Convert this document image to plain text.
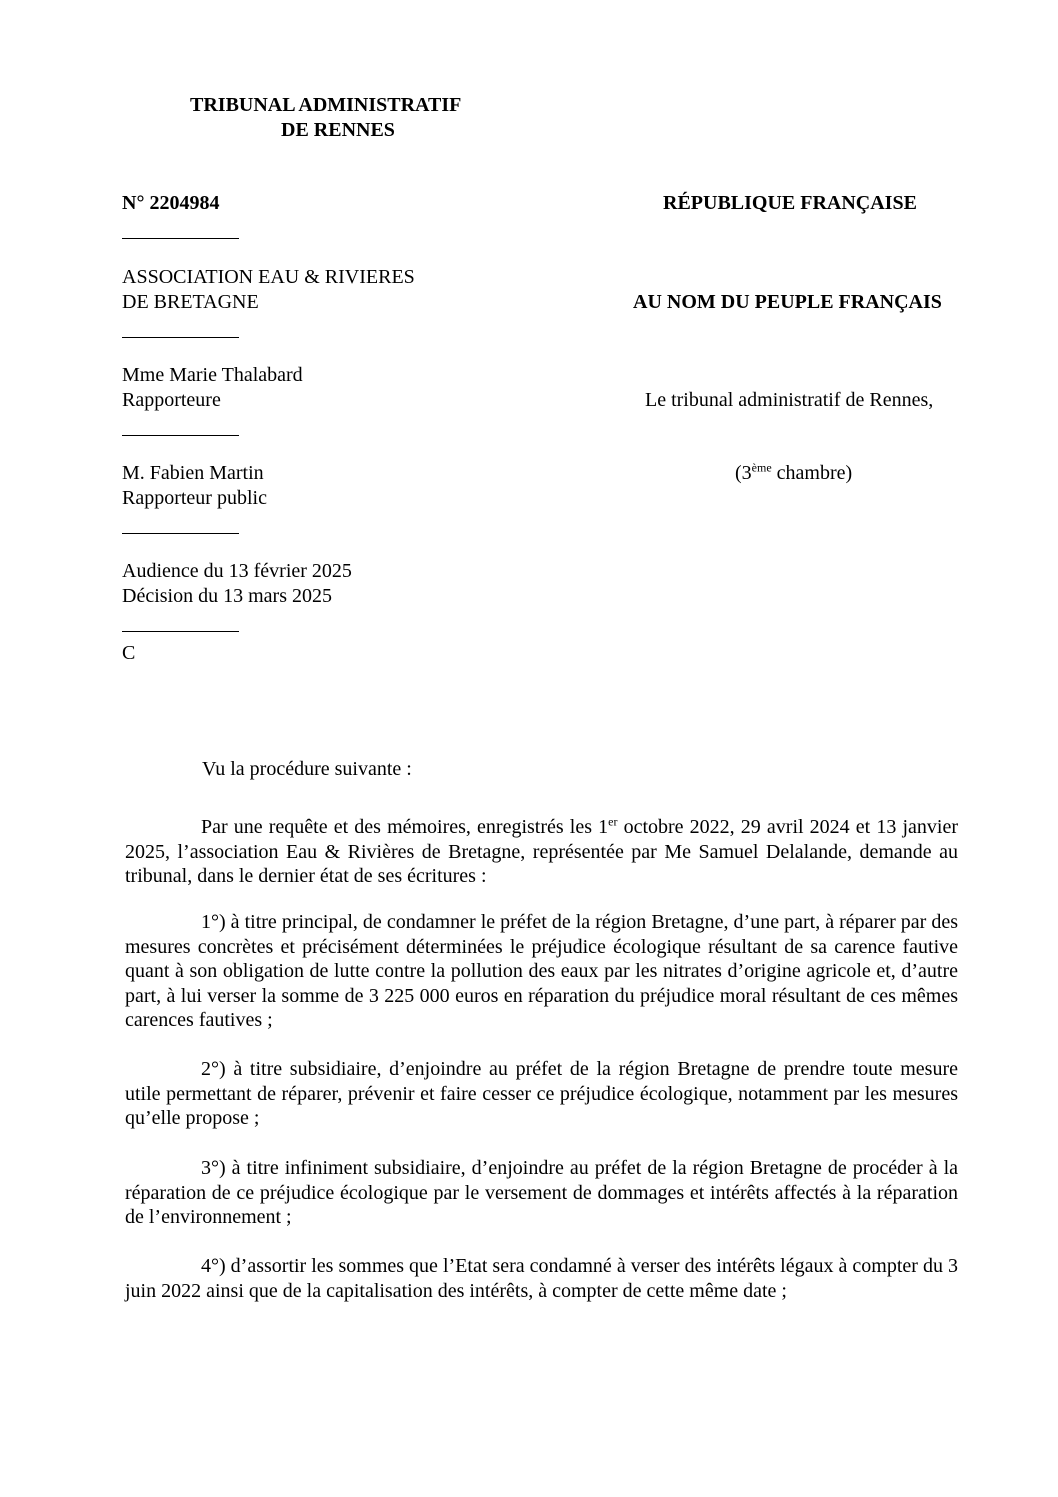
TRIBUNAL ADMINISTRATIF
DE RENNES
N° 2204984	RÉPUBLIQUE FRANÇAISE
ASSOCIATION EAU & RIVIERES
DE BRETAGNE	AU NOM DU PEUPLE FRANÇAIS
Mme Marie Thalabard
Rapporteure	Le tribunal administratif de Rennes,
M. Fabien Martin
Rapporteur public
(3ème chambre)
Audience du 13 février 2025
Décision du 13 mars 2025
C
Vu la procédure suivante :

Par une requête et des mémoires, enregistrés les 1er octobre 2022, 29 avril 2024 et 13 janvier 2025, l’association Eau & Rivières de Bretagne, représentée par Me Samuel Delalande, demande au tribunal, dans le dernier état de ses écritures :

1°) à titre principal, de condamner le préfet de la région Bretagne, d’une part, à réparer par des mesures concrètes et précisément déterminées le préjudice écologique résultant de sa carence fautive quant à son obligation de lutte contre la pollution des eaux par les nitrates d’origine agricole et, d’autre part, à lui verser la somme de 3 225 000 euros en réparation du préjudice moral résultant de ces mêmes carences fautives ;

2°) à titre subsidiaire, d’enjoindre au préfet de la région Bretagne de prendre toute mesure utile permettant de réparer, prévenir et faire cesser ce préjudice écologique, notamment par les mesures qu’elle propose ;

3°) à titre infiniment subsidiaire, d’enjoindre au préfet de la région Bretagne de procéder à la réparation de ce préjudice écologique par le versement de dommages et intérêts affectés à la réparation de l’environnement ;

4°) d’assortir les sommes que l’Etat sera condamné à verser des intérêts légaux à compter du 3 juin 2022 ainsi que de la capitalisation des intérêts, à compter de cette même date ;
